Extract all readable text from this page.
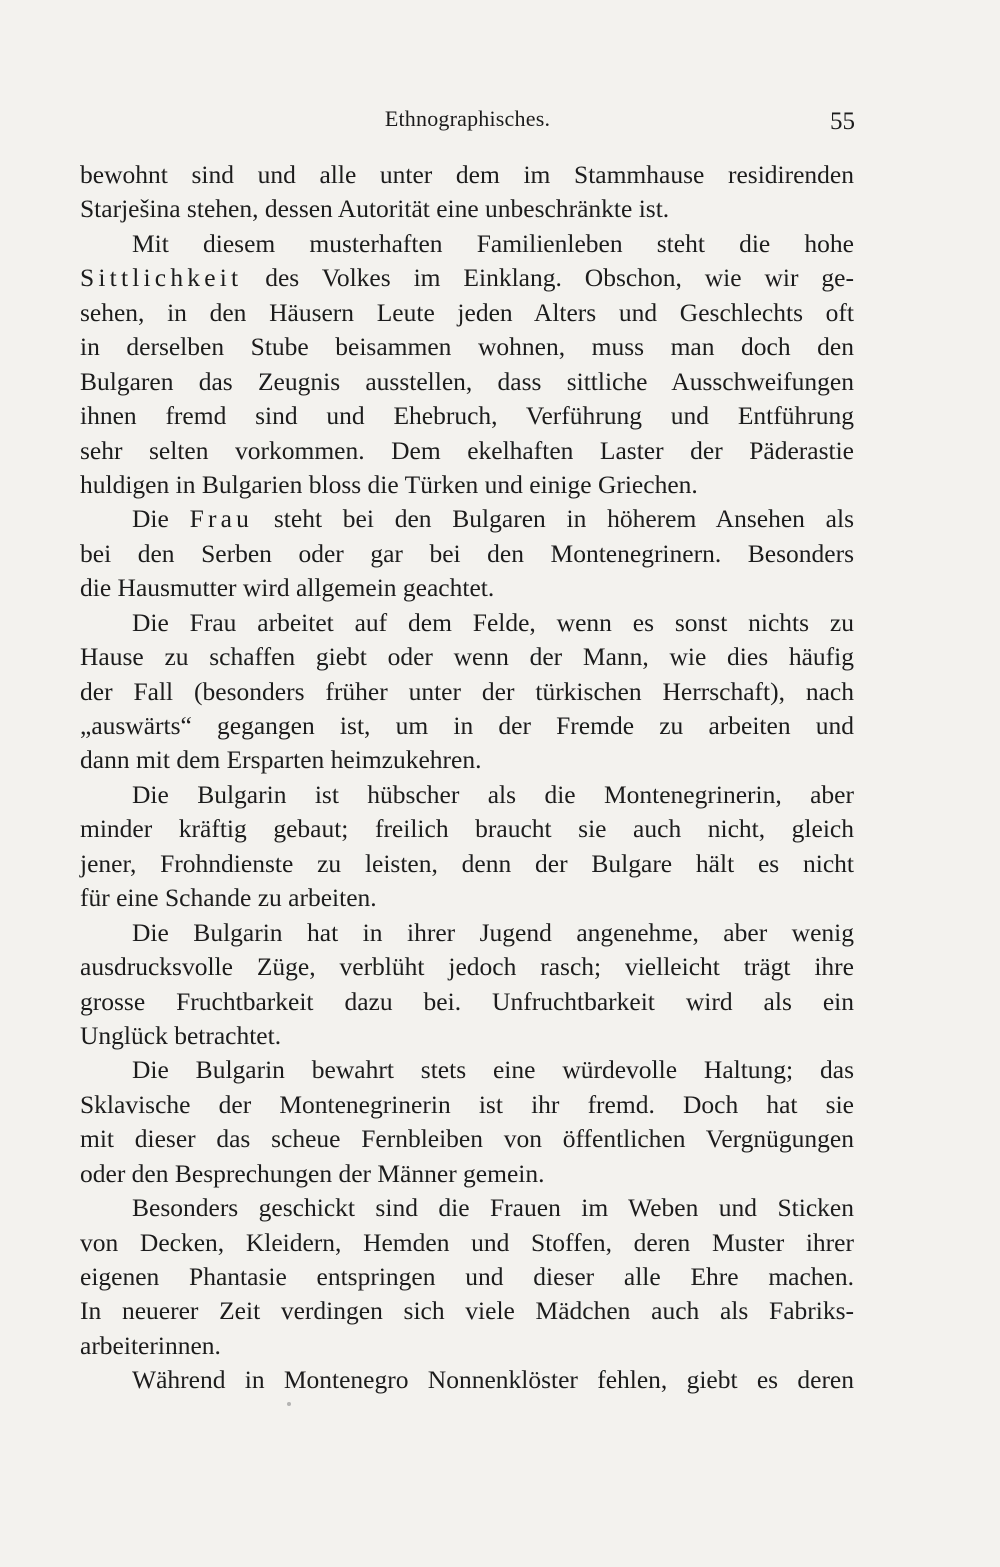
Ethnographisches.	55
bewohnt sind und alle unter dem im Stammhause residirenden
Starješina stehen, dessen Autorität eine unbeschränkte ist.
Mit diesem musterhaften Familienleben steht die hohe
Sittlichkeit des Volkes im Einklang. Obschon, wie wir ge-
sehen, in den Häusern Leute jeden Alters und Geschlechts oft
in derselben Stube beisammen wohnen, muss man doch den
Bulgaren das Zeugnis ausstellen, dass sittliche Ausschweifungen
ihnen fremd sind und Ehebruch, Verführung und Entführung
sehr selten vorkommen. Dem ekelhaften Laster der Päderastie
huldigen in Bulgarien bloss die Türken und einige Griechen.
Die Frau steht bei den Bulgaren in höherem Ansehen als
bei den Serben oder gar bei den Montenegrinern. Besonders
die Hausmutter wird allgemein geachtet.
Die Frau arbeitet auf dem Felde, wenn es sonst nichts zu
Hause zu schaffen giebt oder wenn der Mann, wie dies häufig
der Fall (besonders früher unter der türkischen Herrschaft), nach
„auswärts“ gegangen ist, um in der Fremde zu arbeiten und
dann mit dem Ersparten heimzukehren.
Die Bulgarin ist hübscher als die Montenegrinerin, aber
minder kräftig gebaut; freilich braucht sie auch nicht, gleich
jener, Frohndienste zu leisten, denn der Bulgare hält es nicht
für eine Schande zu arbeiten.
Die Bulgarin hat in ihrer Jugend angenehme, aber wenig
ausdrucksvolle Züge, verblüht jedoch rasch; vielleicht trägt ihre
grosse Fruchtbarkeit dazu bei. Unfruchtbarkeit wird als ein
Unglück betrachtet.
Die Bulgarin bewahrt stets eine würdevolle Haltung; das
Sklavische der Montenegrinerin ist ihr fremd. Doch hat sie
mit dieser das scheue Fernbleiben von öffentlichen Vergnügungen
oder den Besprechungen der Männer gemein.
Besonders geschickt sind die Frauen im Weben und Sticken
von Decken, Kleidern, Hemden und Stoffen, deren Muster ihrer
eigenen Phantasie entspringen und dieser alle Ehre machen.
In neuerer Zeit verdingen sich viele Mädchen auch als Fabriks-
arbeiterinnen.
Während in Montenegro Nonnenklöster fehlen, giebt es deren
